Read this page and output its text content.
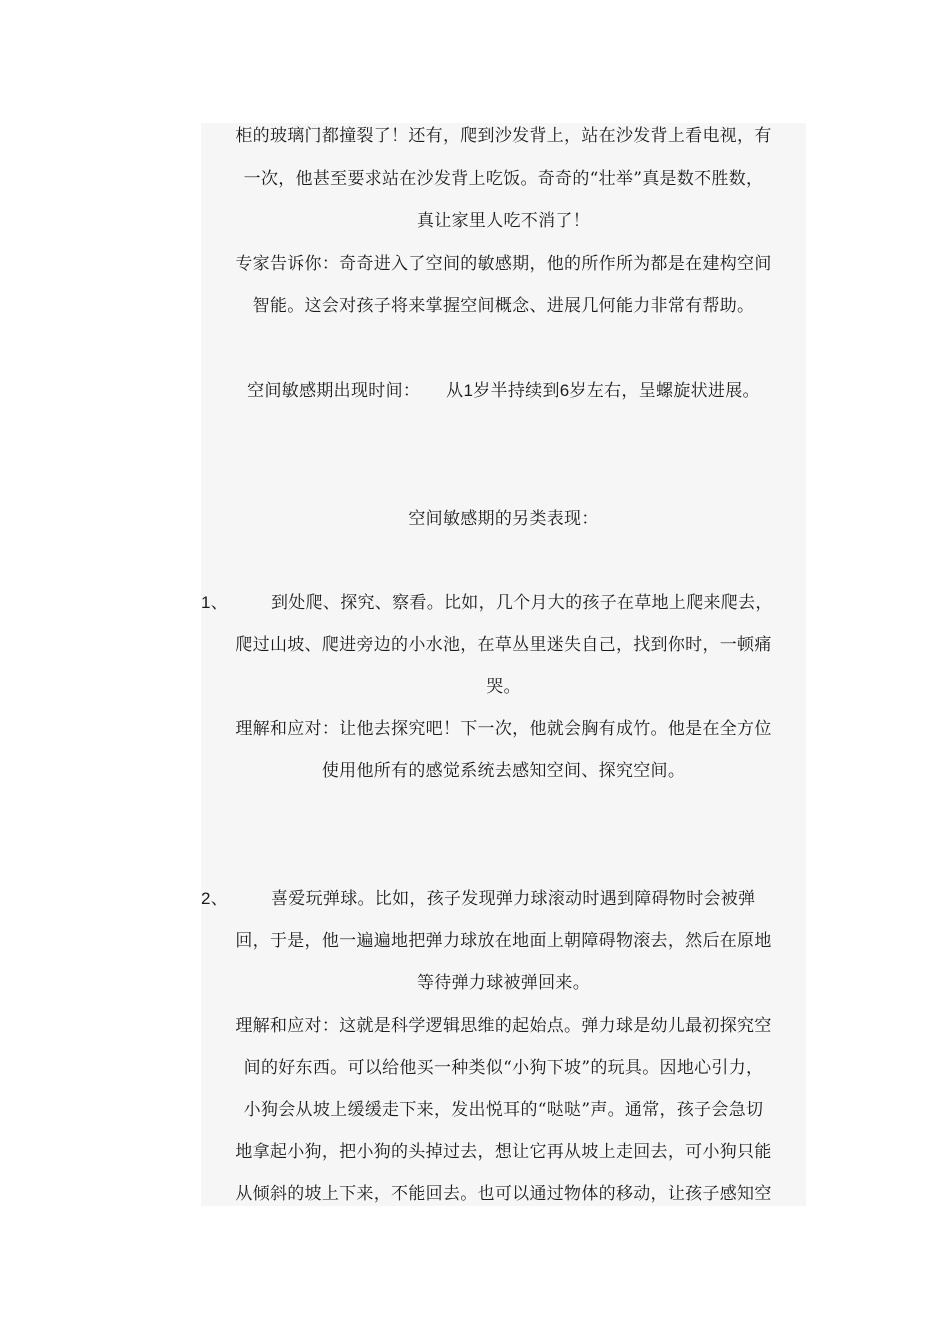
柜的玻璃门都撞裂了！还有，爬到沙发背上，站在沙发背上看电视，有
一次，他甚至要求站在沙发背上吃饭。奇奇的“壮举”真是数不胜数，
真让家里人吃不消了！
专家告诉你：奇奇进入了空间的敏感期，他的所作所为都是在建构空间
智能。这会对孩子将来掌握空间概念、进展几何能力非常有帮助。
空间敏感期出现时间： 从1岁半持续到6岁左右，呈螺旋状进展。
空间敏感期的另类表现：
1、	到处爬、探究、察看。比如，几个月大的孩子在草地上爬来爬去，
爬过山坡、爬进旁边的小水池，在草丛里迷失自己，找到你时，一顿痛
哭。
理解和应对：让他去探究吧！下一次，他就会胸有成竹。他是在全方位
使用他所有的感觉系统去感知空间、探究空间。
2、	喜爱玩弹球。比如，孩子发现弹力球滚动时遇到障碍物时会被弹
回，于是，他一遍遍地把弹力球放在地面上朝障碍物滚去，然后在原地
等待弹力球被弹回来。
理解和应对：这就是科学逻辑思维的起始点。弹力球是幼儿最初探究空
间的好东西。可以给他买一种类似“小狗下坡”的玩具。因地心引力，
小狗会从坡上缓缓走下来，发出悦耳的“哒哒”声。通常，孩子会急切
地拿起小狗，把小狗的头掉过去，想让它再从坡上走回去，可小狗只能
从倾斜的坡上下来，不能回去。也可以通过物体的移动，让孩子感知空
